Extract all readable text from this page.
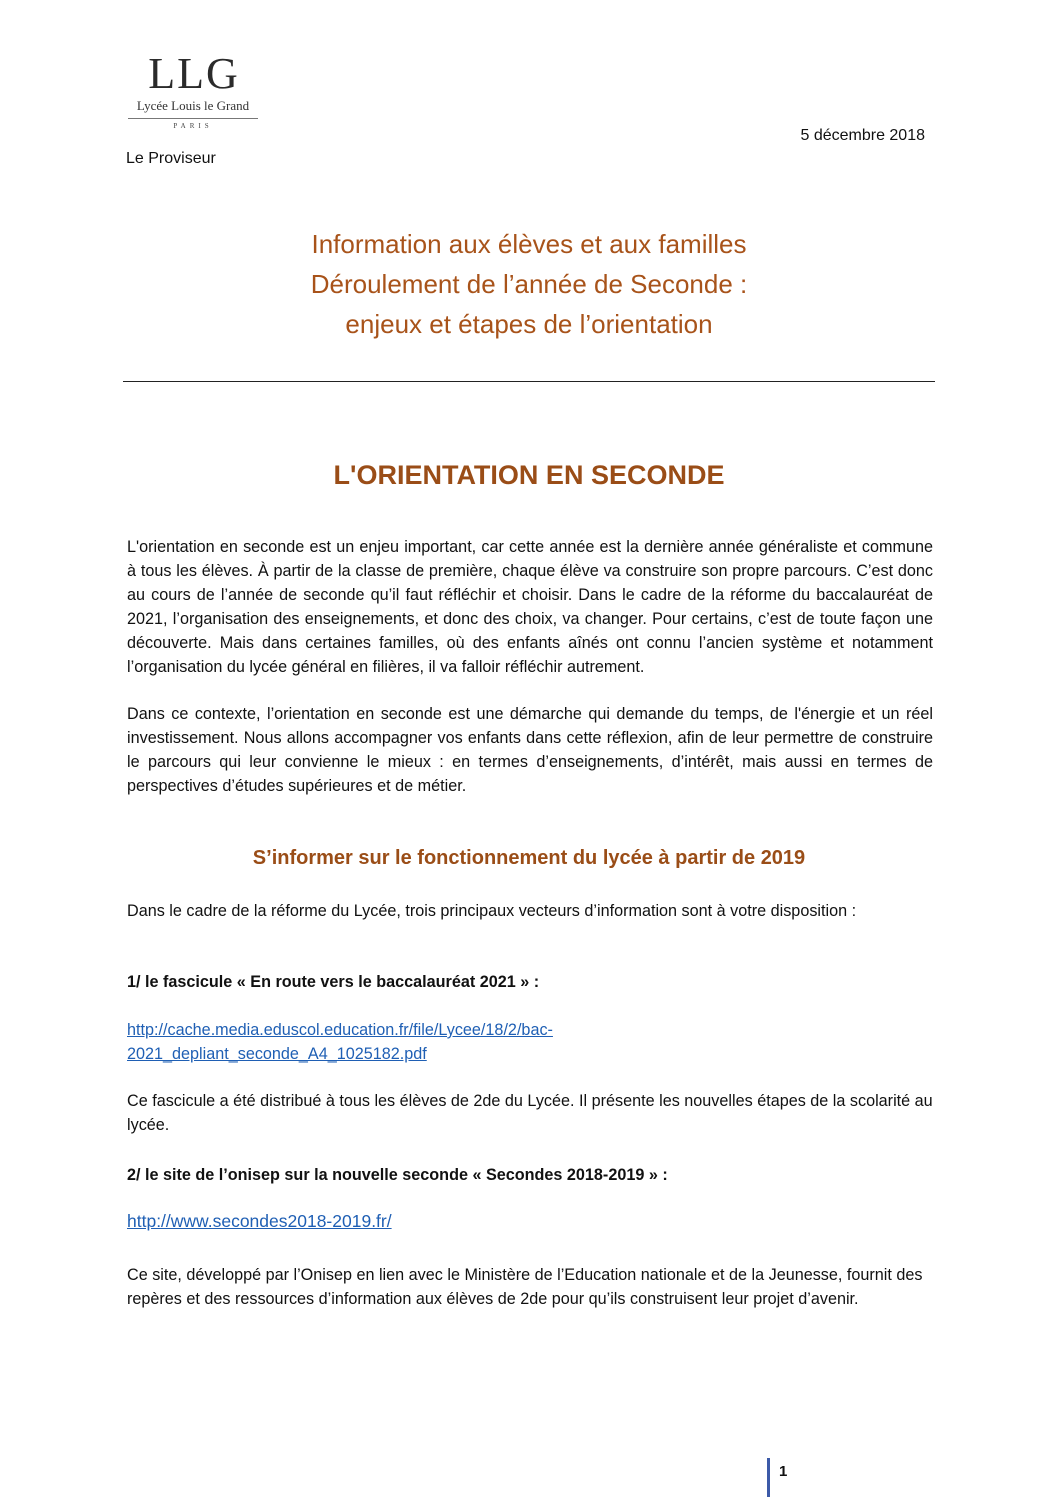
LLG
Lycée Louis le Grand
PARIS
5 décembre 2018
Le Proviseur
Information aux élèves et aux familles
Déroulement de l’année de Seconde :
enjeux et étapes de l’orientation
L'ORIENTATION EN SECONDE

L'orientation en seconde est un enjeu important, car cette année est la dernière année généraliste et commune à tous les élèves. À partir de la classe de première, chaque élève va construire son propre parcours. C’est donc au cours de l’année de seconde qu’il faut réfléchir et choisir. Dans le cadre de la réforme du baccalauréat de 2021, l’organisation des enseignements, et donc des choix, va changer. Pour certains, c’est de toute façon une découverte. Mais dans certaines familles, où des enfants aînés ont connu l’ancien système et notamment l’organisation du lycée général en filières, il va falloir réfléchir autrement.

Dans ce contexte, l’orientation en seconde est une démarche qui demande du temps, de l'énergie et un réel investissement. Nous allons accompagner vos enfants dans cette réflexion, afin de leur permettre de construire le parcours qui leur convienne le mieux : en termes d’enseignements, d’intérêt, mais aussi en termes de perspectives d’études supérieures et de métier.

S’informer sur le fonctionnement du lycée à partir de 2019

Dans le cadre de la réforme du Lycée, trois principaux vecteurs d’information sont à votre disposition :

1/ le fascicule « En route vers le baccalauréat 2021 » :

http://cache.media.eduscol.education.fr/file/Lycee/18/2/bac-
2021_depliant_seconde_A4_1025182.pdf

Ce fascicule a été distribué à tous les élèves de 2de du Lycée. Il présente les nouvelles étapes de la scolarité au lycée.

2/ le site de l’onisep sur la nouvelle seconde « Secondes 2018-2019 » :

http://www.secondes2018-2019.fr/

Ce site, développé par l’Onisep en lien avec le Ministère de l’Education nationale et de la Jeunesse, fournit des repères et des ressources d’information aux élèves de 2de pour qu’ils construisent leur projet d’avenir.

1
